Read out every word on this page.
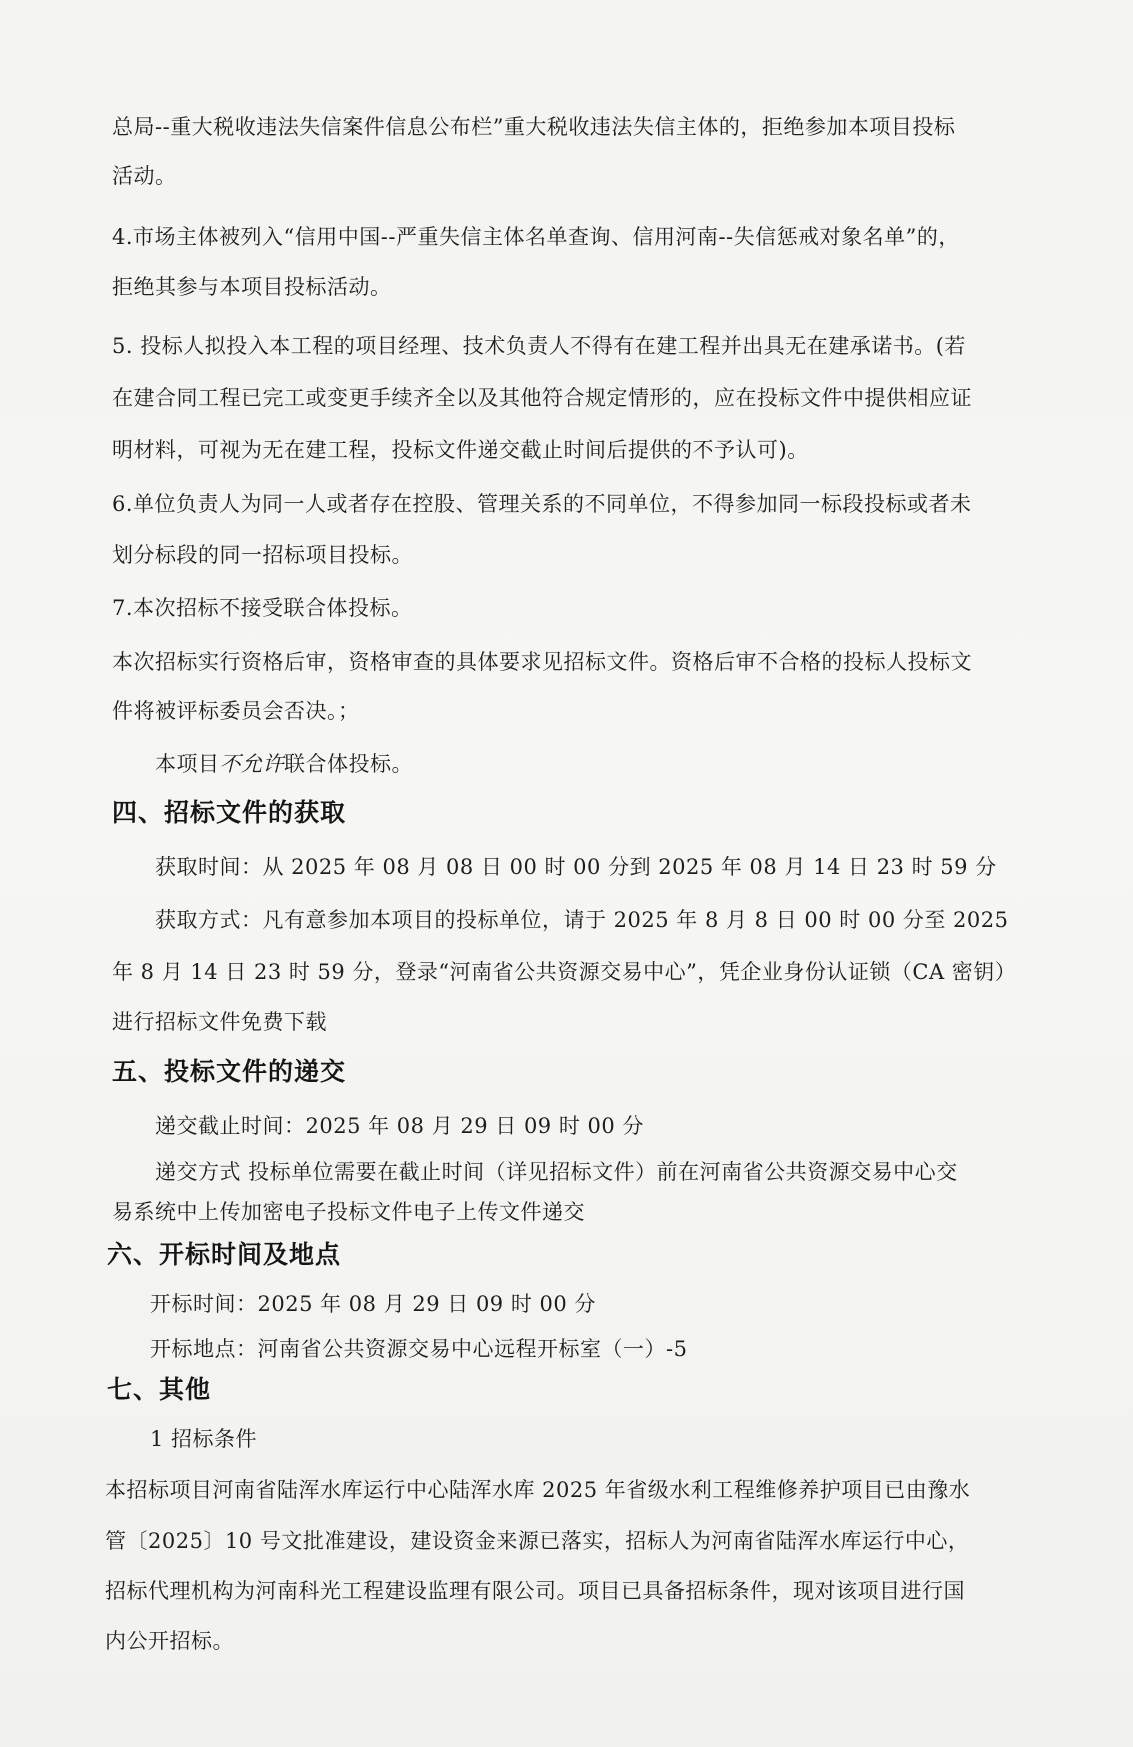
总局--重大税收违法失信案件信息公布栏”重大税收违法失信主体的，拒绝参加本项目投标
活动。
4.市场主体被列入“信用中国--严重失信主体名单查询、信用河南--失信惩戒对象名单”的，
拒绝其参与本项目投标活动。
5. 投标人拟投入本工程的项目经理、技术负责人不得有在建工程并出具无在建承诺书。(若
在建合同工程已完工或变更手续齐全以及其他符合规定情形的，应在投标文件中提供相应证
明材料，可视为无在建工程，投标文件递交截止时间后提供的不予认可)。
6.单位负责人为同一人或者存在控股、管理关系的不同单位，不得参加同一标段投标或者未
划分标段的同一招标项目投标。
7.本次招标不接受联合体投标。
本次招标实行资格后审，资格审查的具体要求见招标文件。资格后审不合格的投标人投标文
件将被评标委员会否决。；
本项目不允许联合体投标。
四、招标文件的获取
获取时间：从 2025 年 08 月 08 日 00 时 00 分到 2025 年 08 月 14 日 23 时 59 分
获取方式：凡有意参加本项目的投标单位，请于 2025 年 8 月 8 日 00 时 00 分至 2025
年 8 月 14 日 23 时 59 分，登录“河南省公共资源交易中心”，凭企业身份认证锁（CA 密钥）
进行招标文件免费下载
五、投标文件的递交
递交截止时间：2025 年 08 月 29 日 09 时 00 分
递交方式 投标单位需要在截止时间（详见招标文件）前在河南省公共资源交易中心交
易系统中上传加密电子投标文件电子上传文件递交
六、开标时间及地点
开标时间：2025 年 08 月 29 日 09 时 00 分
开标地点：河南省公共资源交易中心远程开标室（一）-5
七、其他
1 招标条件
本招标项目河南省陆浑水库运行中心陆浑水库 2025 年省级水利工程维修养护项目已由豫水
管〔2025〕10 号文批准建设，建设资金来源已落实，招标人为河南省陆浑水库运行中心，
招标代理机构为河南科光工程建设监理有限公司。项目已具备招标条件，现对该项目进行国
内公开招标。
